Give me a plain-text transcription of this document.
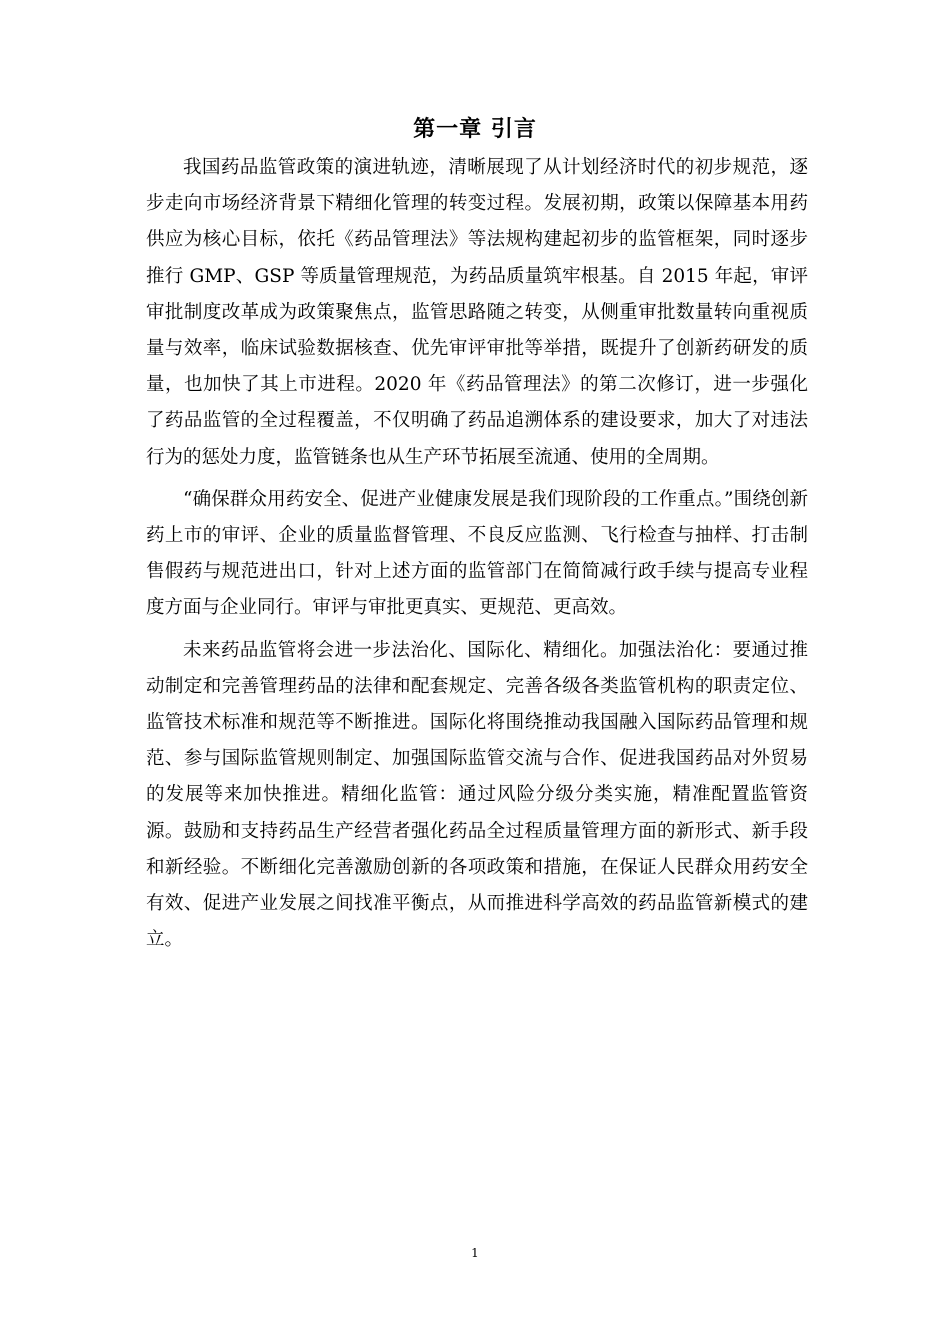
第一章 引言

我国药品监管政策的演进轨迹，清晰展现了从计划经济时代的初步规范，逐步走向市场经济背景下精细化管理的转变过程。发展初期，政策以保障基本用药供应为核心目标，依托《药品管理法》等法规构建起初步的监管框架，同时逐步推行 GMP、GSP 等质量管理规范，为药品质量筑牢根基。自 2015 年起，审评审批制度改革成为政策聚焦点，监管思路随之转变，从侧重审批数量转向重视质量与效率，临床试验数据核查、优先审评审批等举措，既提升了创新药研发的质量，也加快了其上市进程。2020 年《药品管理法》的第二次修订，进一步强化了药品监管的全过程覆盖，不仅明确了药品追溯体系的建设要求，加大了对违法行为的惩处力度，监管链条也从生产环节拓展至流通、使用的全周期。

“确保群众用药安全、促进产业健康发展是我们现阶段的工作重点。”围绕创新药上市的审评、企业的质量监督管理、不良反应监测、飞行检查与抽样、打击制售假药与规范进出口，针对上述方面的监管部门在简简减行政手续与提高专业程度方面与企业同行。审评与审批更真实、更规范、更高效。

未来药品监管将会进一步法治化、国际化、精细化。加强法治化：要通过推动制定和完善管理药品的法律和配套规定、完善各级各类监管机构的职责定位、监管技术标准和规范等不断推进。国际化将围绕推动我国融入国际药品管理和规范、参与国际监管规则制定、加强国际监管交流与合作、促进我国药品对外贸易的发展等来加快推进。精细化监管：通过风险分级分类实施，精准配置监管资源。鼓励和支持药品生产经营者强化药品全过程质量管理方面的新形式、新手段和新经验。不断细化完善激励创新的各项政策和措施，在保证人民群众用药安全有效、促进产业发展之间找准平衡点，从而推进科学高效的药品监管新模式的建立。

1
